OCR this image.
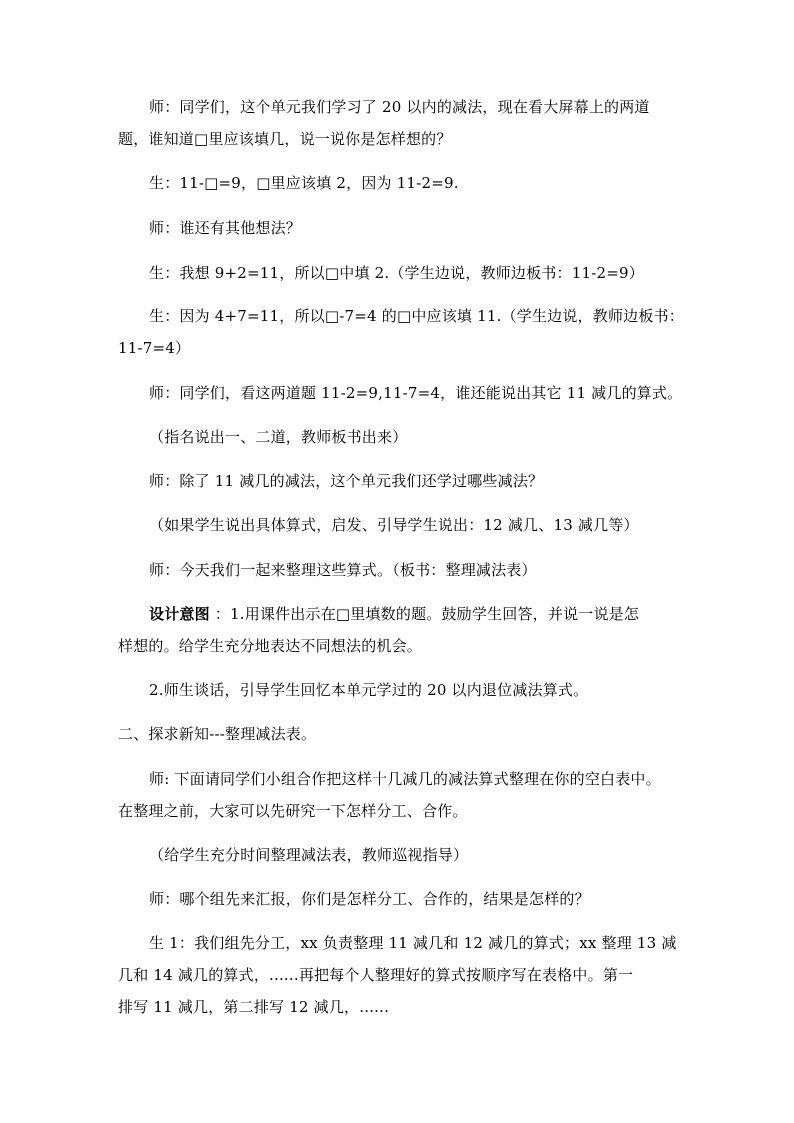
师：同学们，这个单元我们学习了 20 以内的减法，现在看大屏幕上的两道
题，谁知道□里应该填几，说一说你是怎样想的？
生：11-□=9，□里应该填 2，因为 11-2=9.
师：谁还有其他想法？
生：我想 9+2=11，所以□中填 2.（学生边说，教师边板书：11-2=9）
生：因为 4+7=11，所以□-7=4 的□中应该填 11.（学生边说，教师边板书：
11-7=4）
师：同学们，看这两道题 11-2=9,11-7=4，谁还能说出其它 11 减几的算式。
（指名说出一、二道，教师板书出来）
师：除了 11 减几的减法，这个单元我们还学过哪些减法？
（如果学生说出具体算式，启发、引导学生说出：12 减几、13 减几等）
师：今天我们一起来整理这些算式。（板书：整理减法表）
设计意图 ：1.用课件出示在□里填数的题。鼓励学生回答，并说一说是怎
样想的。给学生充分地表达不同想法的机会。
2.师生谈话，引导学生回忆本单元学过的 20 以内退位减法算式。
二、探求新知---整理减法表。
师: 下面请同学们小组合作把这样十几减几的减法算式整理在你的空白表中。
在整理之前，大家可以先研究一下怎样分工、合作。
（给学生充分时间整理减法表，教师巡视指导）
师：哪个组先来汇报，你们是怎样分工、合作的，结果是怎样的？
生 1：我们组先分工，xx 负责整理 11 减几和 12 减几的算式；xx 整理 13 减
几和 14 减几的算式，......再把每个人整理好的算式按顺序写在表格中。第一
排写 11 减几，第二排写 12 减几，......
